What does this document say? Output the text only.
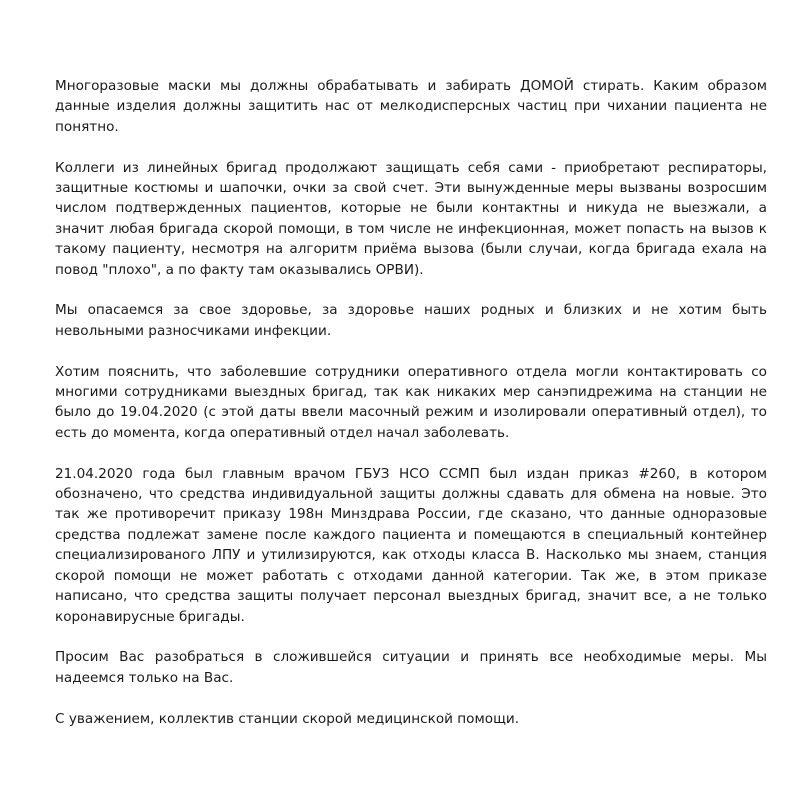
Многоразовые маски мы должны обрабатывать и забирать ДОМОЙ стирать. Каким образом данные изделия должны защитить нас от мелкодисперсных частиц при чихании пациента не понятно.

Коллеги из линейных бригад продолжают защищать себя сами - приобретают респираторы, защитные костюмы и шапочки, очки за свой счет. Эти вынужденные меры вызваны возросшим числом подтвержденных пациентов, которые не были контактны и никуда не выезжали, а значит любая бригада скорой помощи, в том числе не инфекционная, может попасть на вызов к такому пациенту, несмотря на алгоритм приёма вызова (были случаи, когда бригада ехала на повод "плохо", а по факту там оказывались ОРВИ).

Мы опасаемся за свое здоровье, за здоровье наших родных и близких и не хотим быть невольными разносчиками инфекции.

Хотим пояснить, что заболевшие сотрудники оперативного отдела могли контактировать со многими сотрудниками выездных бригад, так как никаких мер санэпидрежима на станции не было до 19.04.2020 (с этой даты ввели масочный режим и изолировали оперативный отдел), то есть до момента, когда оперативный отдел начал заболевать.

21.04.2020 года был главным врачом ГБУЗ НСО ССМП был издан приказ #260, в котором обозначено, что средства индивидуальной защиты должны сдавать для обмена на новые. Это так же противоречит приказу 198н Минздрава России, где сказано, что данные одноразовые средства подлежат замене после каждого пациента и помещаются в специальный контейнер специализированого ЛПУ и утилизируются, как отходы класса В. Насколько мы знаем, станция скорой помощи не может работать с отходами данной категории. Так же, в этом приказе написано, что средства защиты получает персонал выездных бригад, значит все, а не только коронавирусные бригады.

Просим Вас разобраться в сложившейся ситуации и принять все необходимые меры. Мы надеемся только на Вас.

С уважением, коллектив станции скорой медицинской помощи.
